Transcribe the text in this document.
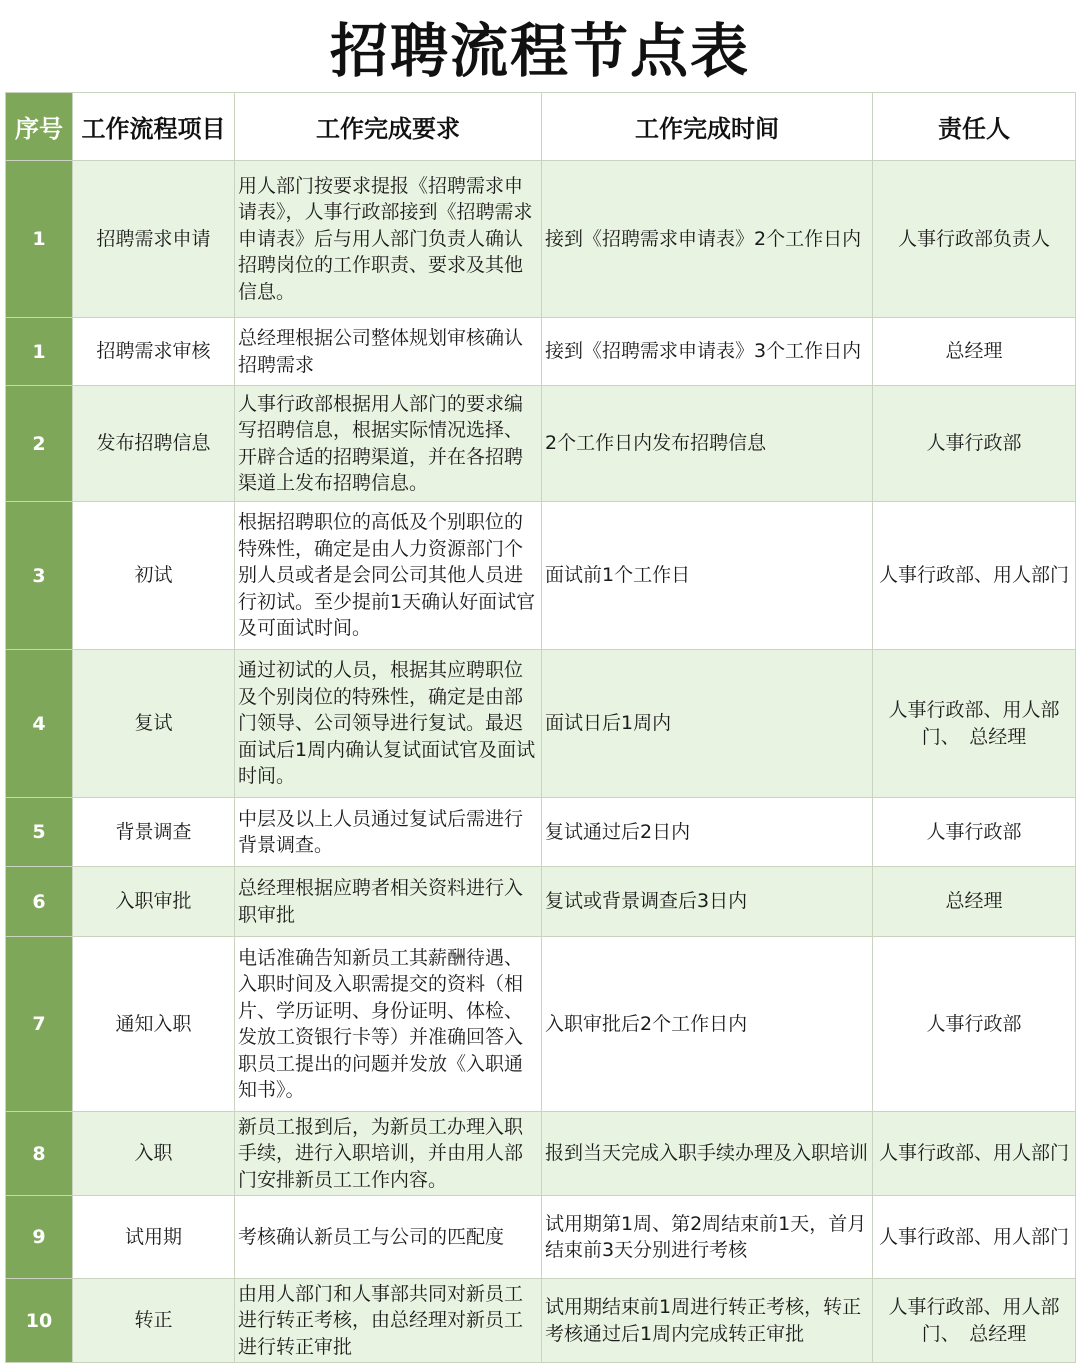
招聘流程节点表
序号	工作流程项目	工作完成要求	工作完成时间	责任人
1	招聘需求申请	用人部门按要求提报《招聘需求申请表》，人事行政部接到《招聘需求申请表》后与用人部门负责人确认招聘岗位的工作职责、要求及其他信息。	接到《招聘需求申请表》2个工作日内	人事行政部负责人
1	招聘需求审核	总经理根据公司整体规划审核确认招聘需求	接到《招聘需求申请表》3个工作日内	总经理
2	发布招聘信息	人事行政部根据用人部门的要求编写招聘信息，根据实际情况选择、开辟合适的招聘渠道，并在各招聘渠道上发布招聘信息。	2个工作日内发布招聘信息	人事行政部
3	初试	根据招聘职位的高低及个别职位的特殊性，确定是由人力资源部门个别人员或者是会同公司其他人员进行初试。至少提前1天确认好面试官及可面试时间。	面试前1个工作日	人事行政部、用人部门
4	复试	通过初试的人员，根据其应聘职位及个别岗位的特殊性，确定是由部门领导、公司领导进行复试。最迟面试后1周内确认复试面试官及面试时间。	面试日后1周内	人事行政部、用人部门、　总经理
5	背景调查	中层及以上人员通过复试后需进行背景调查。	复试通过后2日内	人事行政部
6	入职审批	总经理根据应聘者相关资料进行入职审批	复试或背景调查后3日内	总经理
7	通知入职	电话准确告知新员工其薪酬待遇、入职时间及入职需提交的资料（相片、学历证明、身份证明、体检、发放工资银行卡等）并准确回答入职员工提出的问题并发放《入职通知书》。	入职审批后2个工作日内	人事行政部
8	入职	新员工报到后，为新员工办理入职手续，进行入职培训，并由用人部门安排新员工工作内容。	报到当天完成入职手续办理及入职培训	人事行政部、用人部门
9	试用期	考核确认新员工与公司的匹配度	试用期第1周、第2周结束前1天，首月结束前3天分别进行考核	人事行政部、用人部门
10	转正	由用人部门和人事部共同对新员工进行转正考核，由总经理对新员工进行转正审批	试用期结束前1周进行转正考核，转正考核通过后1周内完成转正审批	人事行政部、用人部门、　总经理
